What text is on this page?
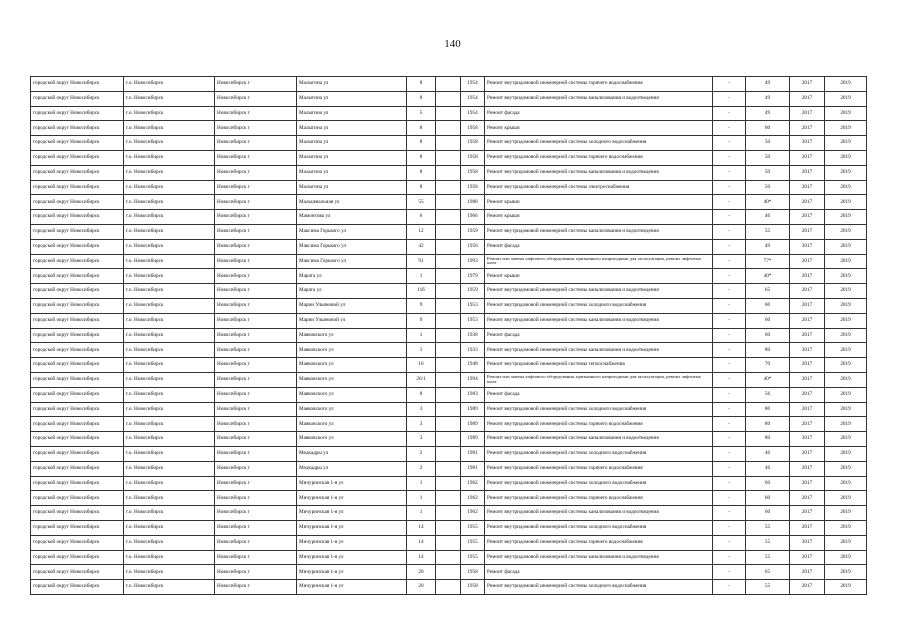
140
городской округ Новосибирск	г.о. Новосибирск	Новосибирск г	Малыгина ул	8		1954	Ремонт внутридомовой инженерной системы горячего водоснабжения	-	49	2017	2019
городской округ Новосибирск	г.о. Новосибирск	Новосибирск г	Малыгина ул	8		1954	Ремонт внутридомовой инженерной системы канализования и водоотведения	-	49	2017	2019
городской округ Новосибирск	г.о. Новосибирск	Новосибирск г	Малыгина ул	5		1954	Ремонт фасада	-	49	2017	2019
городской округ Новосибирск	г.о. Новосибирск	Новосибирск г	Малыгина ул	8		1958	Ремонт крыши	-	60	2017	2019
городской округ Новосибирск	г.о. Новосибирск	Новосибирск г	Малыгина ул	8		1958	Ремонт внутридомовой инженерной системы холодного водоснабжения	-	50	2017	2019
городской округ Новосибирск	г.о. Новосибирск	Новосибирск г	Малыгина ул	8		1958	Ремонт внутридомовой инженерной системы горячего водоснабжения	-	50	2017	2019
городской округ Новосибирск	г.о. Новосибирск	Новосибирск г	Малыгина ул	8		1958	Ремонт внутридомовой инженерной системы канализования и водоотведения	-	50	2017	2019
городской округ Новосибирск	г.о. Новосибирск	Новосибирск г	Малыгина ул	8		1958	Ремонт внутридомовой инженерной системы электроснабжения	-	50	2017	2019
городской округ Новосибирск	г.о. Новосибирск	Новосибирск г	Мальцевальная ул	55		1988	Ремонт крыши	-	40*	2017	2019
городской округ Новосибирск	г.о. Новосибирск	Новосибирск г	Мамонтова ул	6		1966	Ремонт крыши	-	46	2017	2019
городской округ Новосибирск	г.о. Новосибирск	Новосибирск г	Максима Горького ул	12		1959	Ремонт внутридомовой инженерной системы канализования и водоотведения	-	55	2017	2019
городской округ Новосибирск	г.о. Новосибирск	Новосибирск г	Максима Горького ул	42		1956	Ремонт фасада	-	49	2017	2019
городской округ Новосибирск	г.о. Новосибирск	Новосибирск г	Максима Горького ул	91		1993	Ремонт или замена лифтового оборудования, признанного непригодным для эксплуатации, ремонт лифтовых шахт	-	77*	2017	2019
городской округ Новосибирск	г.о. Новосибирск	Новосибирск г	Марата ул	1		1979	Ремонт крыши	-	40*	2017	2019
городской округ Новосибирск	г.о. Новосибирск	Новосибирск г	Марата ул	11б		1959	Ремонт внутридомовой инженерной системы канализования и водоотведения	-	65	2017	2019
городской округ Новосибирск	г.о. Новосибирск	Новосибирск г	Марии Ульяновой ул	9		1953	Ремонт внутридомовой инженерной системы холодного водоснабжения	-	60	2017	2019
городской округ Новосибирск	г.о. Новосибирск	Новосибирск г	Марии Ульяновой ул	9		1953	Ремонт внутридомовой инженерной системы канализования и водоотведения	-	60	2017	2019
городской округ Новосибирск	г.о. Новосибирск	Новосибирск г	Маяковского ул	1		1938	Ремонт фасада	-	60	2017	2019
городской округ Новосибирск	г.о. Новосибирск	Новосибирск г	Маяковского ул	1		1933	Ремонт внутридомовой инженерной системы канализования и водоотведения	-	80	2017	2019
городской округ Новосибирск	г.о. Новосибирск	Новосибирск г	Маяковского ул	16		1948	Ремонт внутридомовой инженерной системы теплоснабжения	-	70	2017	2019
городской округ Новосибирск	г.о. Новосибирск	Новосибирск г	Маяковского ул	26/1		1994	Ремонт или замена лифтового оборудования, признанного непригодным для эксплуатации, ремонт лифтовых шахт	-	40*	2017	2019
городской округ Новосибирск	г.о. Новосибирск	Новосибирск г	Маяковского ул	8		1983	Ремонт фасада	-	56	2017	2019
городской округ Новосибирск	г.о. Новосибирск	Новосибирск г	Маяковского ул	3		1989	Ремонт внутридомовой инженерной системы холодного водоснабжения	-	80	2017	2019
городской округ Новосибирск	г.о. Новосибирск	Новосибирск г	Маяковского ул	3		1989	Ремонт внутридомовой инженерной системы горячего водоснабжения	-	80	2017	2019
городской округ Новосибирск	г.о. Новосибирск	Новосибирск г	Маяковского ул	3		1989	Ремонт внутридомовой инженерной системы канализования и водоотведения	-	80	2017	2019
городской округ Новосибирск	г.о. Новосибирск	Новосибирск г	Медкадры ул	2		1981	Ремонт внутридомовой инженерной системы холодного водоснабжения	-	46	2017	2019
городской округ Новосибирск	г.о. Новосибирск	Новосибирск г	Медкадры ул	2		1981	Ремонт внутридомовой инженерной системы горячего водоснабжения	-	46	2017	2019
городской округ Новосибирск	г.о. Новосибирск	Новосибирск г	Мичуринская 1-я ул	1		1962	Ремонт внутридомовой инженерной системы холодного водоснабжения	-	60	2017	2019
городской округ Новосибирск	г.о. Новосибирск	Новосибирск г	Мичуринская 1-я ул	1		1962	Ремонт внутридомовой инженерной системы горячего водоснабжения	-	60	2017	2019
городской округ Новосибирск	г.о. Новосибирск	Новосибирск г	Мичуринская 1-я ул	1		1962	Ремонт внутридомовой инженерной системы канализования и водоотведения	-	60	2017	2019
городской округ Новосибирск	г.о. Новосибирск	Новосибирск г	Мичуринская 1-я ул	14		1955	Ремонт внутридомовой инженерной системы холодного водоснабжения	-	55	2017	2019
городской округ Новосибирск	г.о. Новосибирск	Новосибирск г	Мичуринская 1-я ул	14		1955	Ремонт внутридомовой инженерной системы горячего водоснабжения	-	55	2017	2019
городской округ Новосибирск	г.о. Новосибирск	Новосибирск г	Мичуринская 1-я ул	14		1955	Ремонт внутридомовой инженерной системы канализования и водоотведения	-	55	2017	2019
городской округ Новосибирск	г.о. Новосибирск	Новосибирск г	Мичуринская 1-я ул	20		1958	Ремонт фасада	-	65	2017	2019
городской округ Новосибирск	г.о. Новосибирск	Новосибирск г	Мичуринская 1-я ул	20		1958	Ремонт внутридомовой инженерной системы холодного водоснабжения	-	55	2017	2019
